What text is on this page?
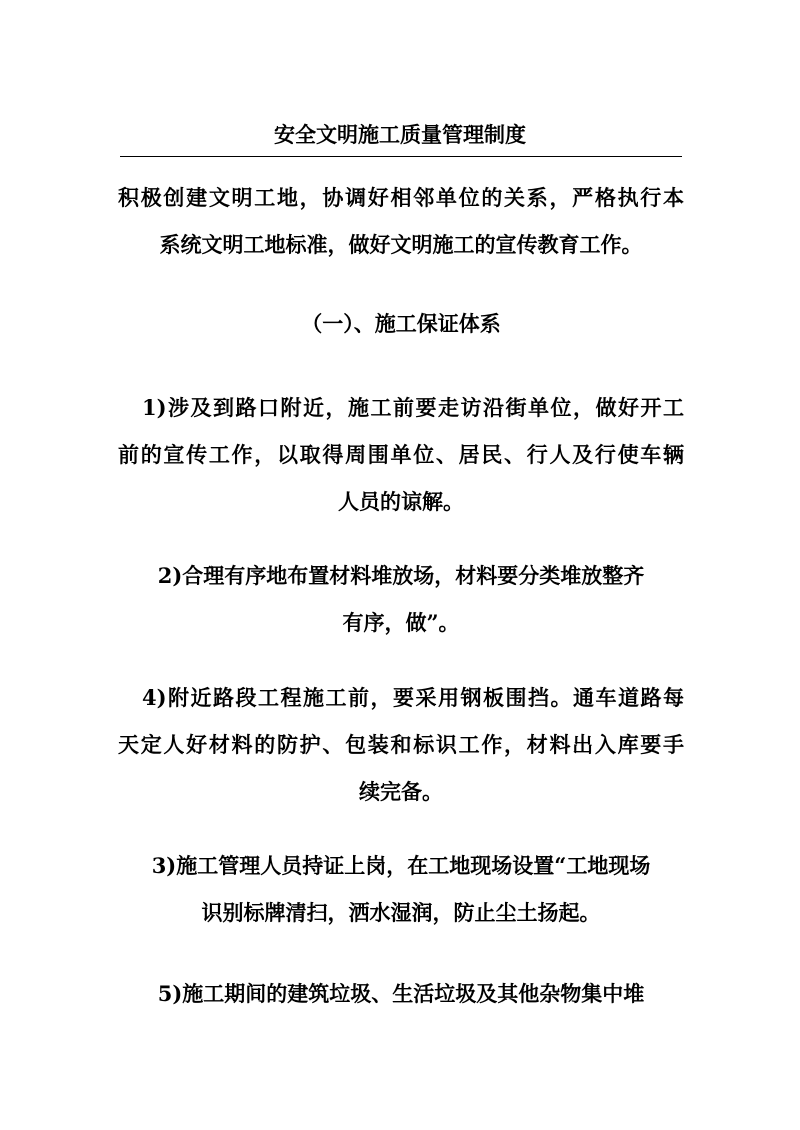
安全文明施工质量管理制度
积极创建文明工地，协调好相邻单位的关系，严格执行本
系统文明工地标准，做好文明施工的宣传教育工作。
（一）、施工保证体系
1)涉及到路口附近，施工前要走访沿街单位，做好开工
前的宣传工作，以取得周围单位、居民、行人及行使车辆
人员的谅解。
2)合理有序地布置材料堆放场，材料要分类堆放整齐
有序，做”。
4)附近路段工程施工前，要采用钢板围挡。通车道路每
天定人好材料的防护、包装和标识工作，材料出入库要手
续完备。
3)施工管理人员持证上岗，在工地现场设置“工地现场
识别标牌清扫，洒水湿润，防止尘土扬起。
5)施工期间的建筑垃圾、生活垃圾及其他杂物集中堆
